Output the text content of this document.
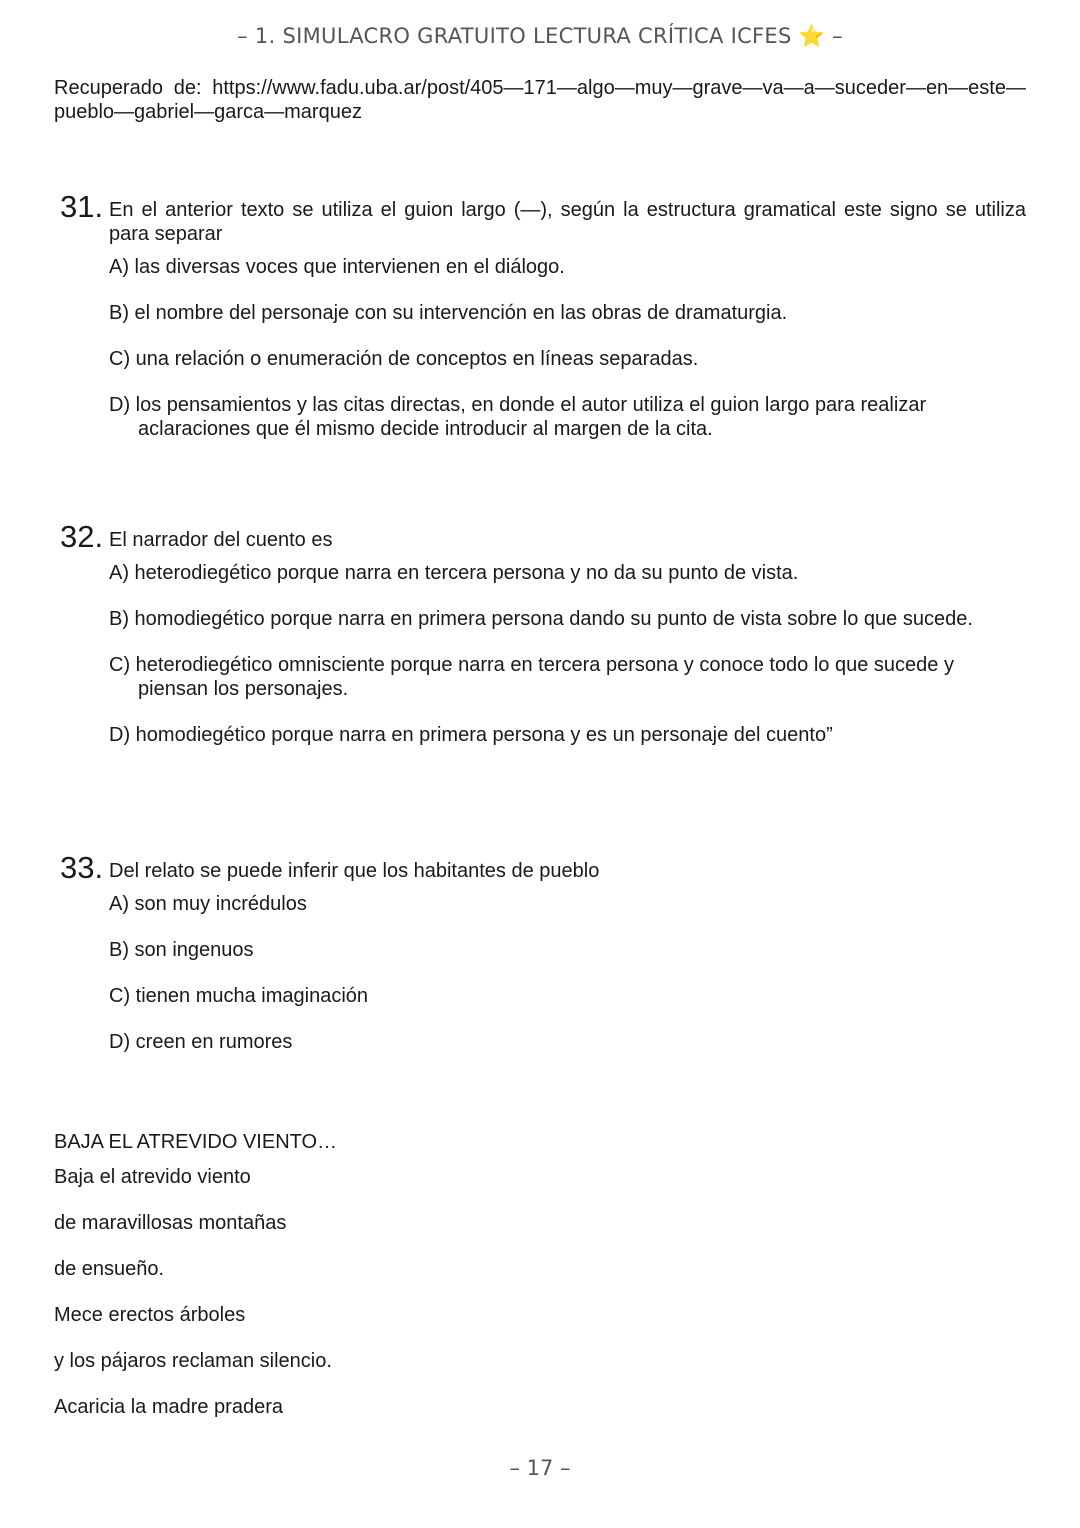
– 1. SIMULACRO GRATUITO LECTURA CRÍTICA ICFES ⭐ –
Recuperado de: https://www.fadu.uba.ar/post/405—171—algo—muy—grave—va—a—suceder—en—este—pueblo—gabriel—garca—marquez
31. En el anterior texto se utiliza el guion largo (—), según la estructura gramatical este signo se utiliza para separar
A) las diversas voces que intervienen en el diálogo.
B) el nombre del personaje con su intervención en las obras de dramaturgia.
C) una relación o enumeración de conceptos en líneas separadas.
D) los pensamientos y las citas directas, en donde el autor utiliza el guion largo para realizar aclaraciones que él mismo decide introducir al margen de la cita.
32. El narrador del cuento es
A) heterodiegético porque narra en tercera persona y no da su punto de vista.
B) homodiegético porque narra en primera persona dando su punto de vista sobre lo que sucede.
C) heterodiegético omnisciente porque narra en tercera persona y conoce todo lo que sucede y piensan los personajes.
D) homodiegético porque narra en primera persona y es un personaje del cuento”
33. Del relato se puede inferir que los habitantes de pueblo
A) son muy incrédulos
B) son ingenuos
C) tienen mucha imaginación
D) creen en rumores
BAJA EL ATREVIDO VIENTO…
Baja el atrevido viento
de maravillosas montañas
de ensueño.
Mece erectos árboles
y los pájaros reclaman silencio.
Acaricia la madre pradera
– 17 –
